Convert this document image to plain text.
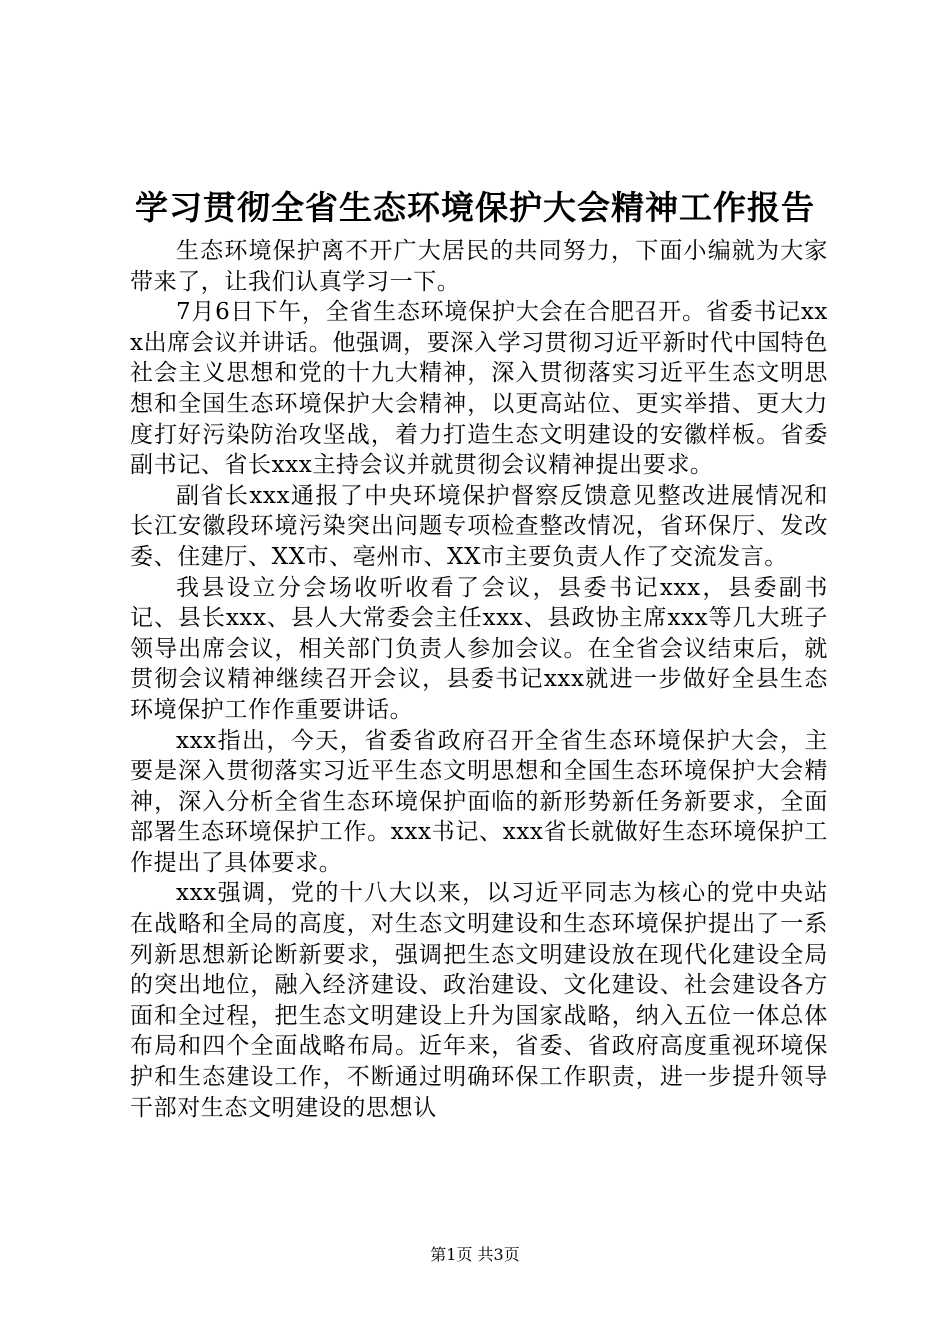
学习贯彻全省生态环境保护大会精神工作报告

生态环境保护离不开广大居民的共同努力，下面小编就为大家带来了，让我们认真学习一下。

7月6日下午，全省生态环境保护大会在合肥召开。省委书记xxx出席会议并讲话。他强调，要深入学习贯彻习近平新时代中国特色社会主义思想和党的十九大精神，深入贯彻落实习近平生态文明思想和全国生态环境保护大会精神，以更高站位、更实举措、更大力度打好污染防治攻坚战，着力打造生态文明建设的安徽样板。省委副书记、省长xxx主持会议并就贯彻会议精神提出要求。

副省长xxx通报了中央环境保护督察反馈意见整改进展情况和长江安徽段环境污染突出问题专项检查整改情况，省环保厅、发改委、住建厅、XX市、亳州市、XX市主要负责人作了交流发言。

我县设立分会场收听收看了会议，县委书记xxx，县委副书记、县长xxx、县人大常委会主任xxx、县政协主席xxx等几大班子领导出席会议，相关部门负责人参加会议。在全省会议结束后，就贯彻会议精神继续召开会议，县委书记xxx就进一步做好全县生态环境保护工作作重要讲话。

xxx指出，今天，省委省政府召开全省生态环境保护大会，主要是深入贯彻落实习近平生态文明思想和全国生态环境保护大会精神，深入分析全省生态环境保护面临的新形势新任务新要求，全面部署生态环境保护工作。xxx书记、xxx省长就做好生态环境保护工作提出了具体要求。

xxx强调，党的十八大以来，以习近平同志为核心的党中央站在战略和全局的高度，对生态文明建设和生态环境保护提出了一系列新思想新论断新要求，强调把生态文明建设放在现代化建设全局的突出地位，融入经济建设、政治建设、文化建设、社会建设各方面和全过程，把生态文明建设上升为国家战略，纳入五位一体总体布局和四个全面战略布局。近年来，省委、省政府高度重视环境保护和生态建设工作，不断通过明确环保工作职责，进一步提升领导干部对生态文明建设的思想认

第1页 共3页
